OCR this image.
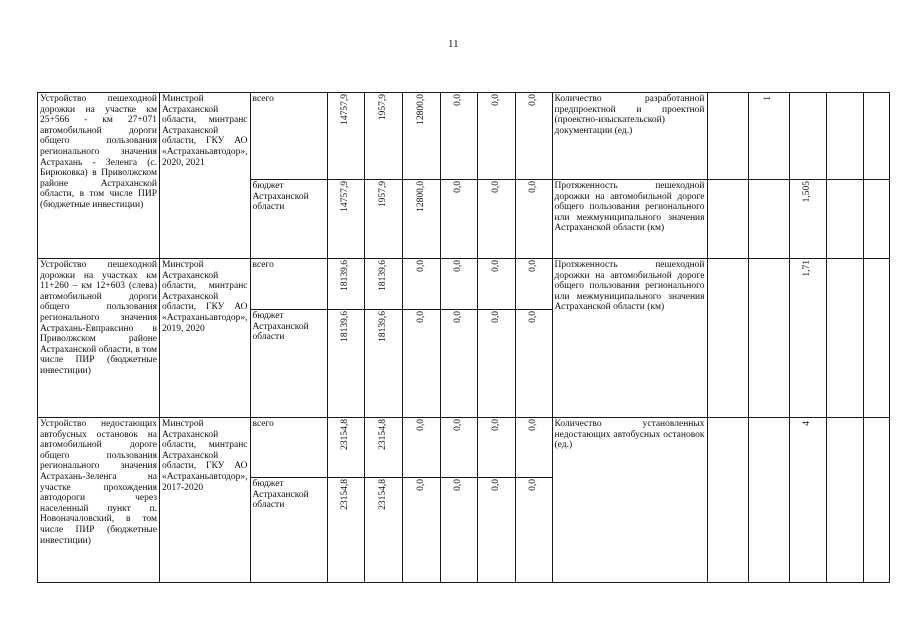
11
Устройство пешеходной дорожки на участке км 25+566 - км 27+071 автомобильной дороги общего пользования регионального значения Астрахань - Зеленга (с. Бирюковка) в Приволжском районе Астраханской области, в том числе ПИР (бюджетные инвестиции)	Минстрой Астраханской области, минтранс Астраханской области, ГКУ АО «Астраханьавтодор», 2020, 2021	всего	14757,9	1957,9	12800,0	0,0	0,0	0,0	Количество разработанной предпроектной и проектной (проектно-изыскательской) документации (ед.)		1			
		бюджет Астраханской области	14757,9	1957,9	12800,0	0,0	0,0	0,0	Протяженность пешеходной дорожки на автомобильной дороге общего пользования регионального или межмуниципального значения Астраханской области (км)			1,505		
Устройство пешеходной дорожки на участках км 11+260 – км 12+603 (слева) автомобильной дороги общего пользования регионального значения Астрахань-Евпраксино в Приволжском районе Астраханской области, в том числе ПИР (бюджетные инвестиции)	Минстрой Астраханской области, минтранс Астраханской области, ГКУ АО «Астраханьавтодор», 2019, 2020	всего	18139,6	18139,6	0,0	0,0	0,0	0,0	Протяженность пешеходной дорожки на автомобильной дороге общего пользования регионального или межмуниципального значения Астраханской области (км)			1,71		
		бюджет Астраханской области	18139,6	18139,6	0,0	0,0	0,0	0,0						
Устройство недостающих автобусных остановок на автомобильной дороге общего пользования регионального значения Астрахань-Зеленга на участке прохождения автодороги через населенный пункт п. Новоначаловский, в том числе ПИР (бюджетные инвестиции)	Минстрой Астраханской области, минтранс Астраханской области, ГКУ АО «Астраханьавтодор», 2017-2020	всего	23154,8	23154,8	0,0	0,0	0,0	0,0	Количество установленных недостающих автобусных остановок (ед.)			4		
		бюджет Астраханской области	23154,8	23154,8	0,0	0,0	0,0	0,0						
